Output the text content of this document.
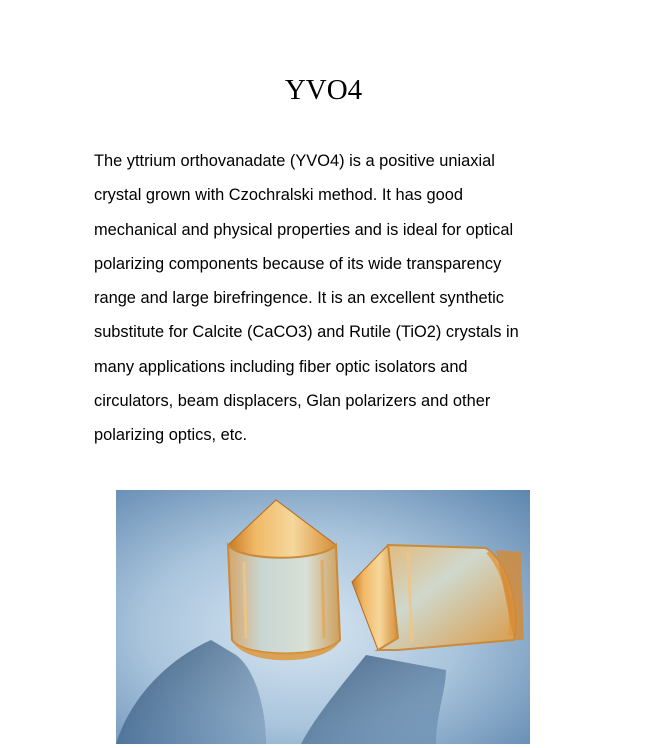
YVO4
The yttrium orthovanadate (YVO4) is a positive uniaxial
crystal grown with Czochralski method. It has good
mechanical and physical properties and is ideal for optical
polarizing components because of its wide transparency
range and large birefringence. It is an excellent synthetic
substitute for Calcite (CaCO3) and Rutile (TiO2) crystals in
many applications including fiber optic isolators and
circulators, beam displacers, Glan polarizers and other
polarizing optics, etc.
